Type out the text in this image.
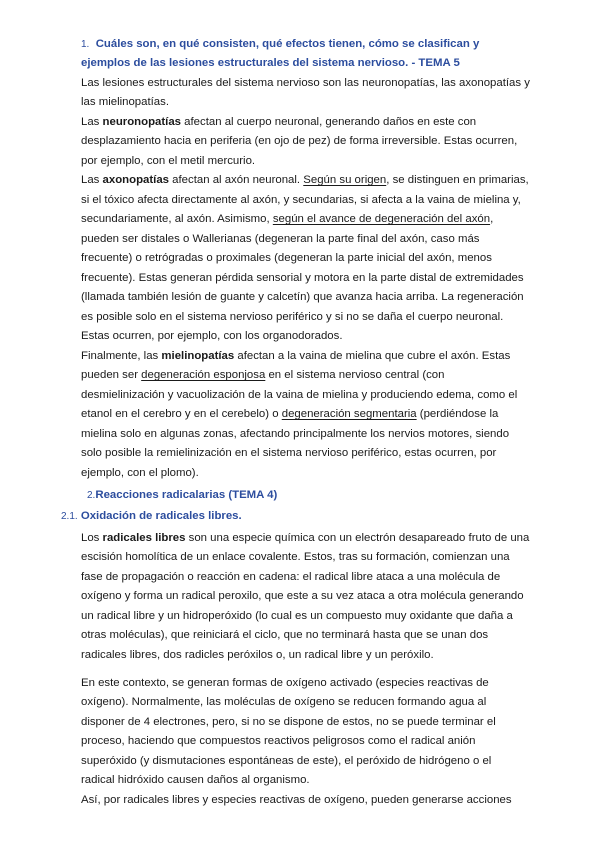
1. Cuáles son, en qué consisten, qué efectos tienen, cómo se clasifican y
ejemplos de las lesiones estructurales del sistema nervioso. - TEMA 5
Las lesiones estructurales del sistema nervioso son las neuronopatías, las axonopatías y
las mielinopatías.
Las neuronopatías afectan al cuerpo neuronal, generando daños en este con
desplazamiento hacia en periferia (en ojo de pez) de forma irreversible. Estas ocurren,
por ejemplo, con el metil mercurio.
Las axonopatías afectan al axón neuronal. Según su origen, se distinguen en primarias,
si el tóxico afecta directamente al axón, y secundarias, si afecta a la vaina de mielina y,
secundariamente, al axón. Asimismo, según el avance de degeneración del axón,
pueden ser distales o Wallerianas (degeneran la parte final del axón, caso más
frecuente) o retrógradas o proximales (degeneran la parte inicial del axón, menos
frecuente). Estas generan pérdida sensorial y motora en la parte distal de extremidades
(llamada también lesión de guante y calcetín) que avanza hacia arriba. La regeneración
es posible solo en el sistema nervioso periférico y si no se daña el cuerpo neuronal.
Estas ocurren, por ejemplo, con los organodorados.
Finalmente, las mielinopatías afectan a la vaina de mielina que cubre el axón. Estas
pueden ser degeneración esponjosa en el sistema nervioso central (con
desmielinización y vacuolización de la vaina de mielina y produciendo edema, como el
etanol en el cerebro y en el cerebelo) o degeneración segmentaria (perdiéndose la
mielina solo en algunas zonas, afectando principalmente los nervios motores, siendo
solo posible la remielinización en el sistema nervioso periférico, estas ocurren, por
ejemplo, con el plomo).
2.Reacciones radicalarias (TEMA 4)
2.1. Oxidación de radicales libres.
Los radicales libres son una especie química con un electrón desapareado fruto de una
escisión homolítica de un enlace covalente. Estos, tras su formación, comienzan una
fase de propagación o reacción en cadena: el radical libre ataca a una molécula de
oxígeno y forma un radical peroxilo, que este a su vez ataca a otra molécula generando
un radical libre y un hidroperóxido (lo cual es un compuesto muy oxidante que daña a
otras moléculas), que reiniciará el ciclo, que no terminará hasta que se unan dos
radicales libres, dos radicles peróxilos o, un radical libre y un peróxilo.
En este contexto, se generan formas de oxígeno activado (especies reactivas de
oxígeno). Normalmente, las moléculas de oxígeno se reducen formando agua al
disponer de 4 electrones, pero, si no se dispone de estos, no se puede terminar el
proceso, haciendo que compuestos reactivos peligrosos como el radical anión
superóxido (y dismutaciones espontáneas de este), el peróxido de hidrógeno o el
radical hidróxido causen daños al organismo.
Así, por radicales libres y especies reactivas de oxígeno, pueden generarse acciones
